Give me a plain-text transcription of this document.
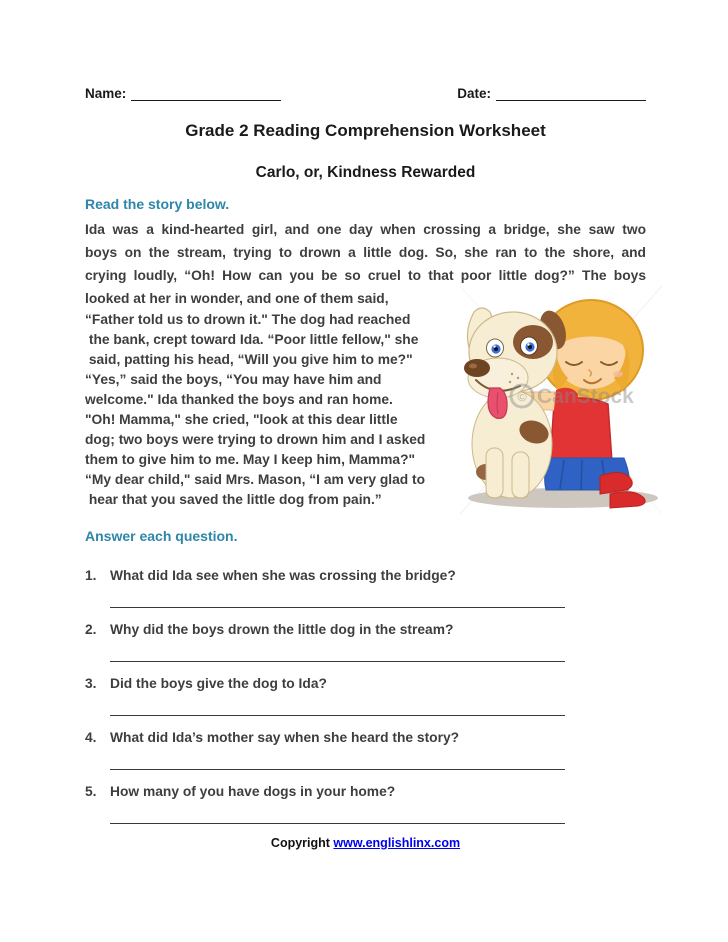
Name:	Date:
Grade 2 Reading Comprehension Worksheet
Carlo, or, Kindness Rewarded
Read the story below.
Ida was a kind-hearted girl, and one day when crossing a bridge, she saw two
boys on the stream, trying to drown a little dog. So, she ran to the shore, and
crying loudly, “Oh! How can you be so cruel to that poor little dog?” The boys
looked at her in wonder, and one of them said,
“Father told us to drown it." The dog had reached
the bank, crept toward Ida. “Poor little fellow," she
said, patting his head, “Will you give him to me?"
“Yes,” said the boys, “You may have him and
welcome." Ida thanked the boys and ran home.
"Oh! Mamma," she cried, "look at this dear little
dog; two boys were trying to drown him and I asked
them to give him to me. May I keep him, Mamma?"
“My dear child," said Mrs. Mason, “I am very glad to
hear that you saved the little dog from pain.”
© CanStock
Answer each question.
1. What did Ida see when she was crossing the bridge?
2. Why did the boys drown the little dog in the stream?
3. Did the boys give the dog to Ida?
4. What did Ida’s mother say when she heard the story?
5. How many of you have dogs in your home?
Copyright www.englishlinx.com
